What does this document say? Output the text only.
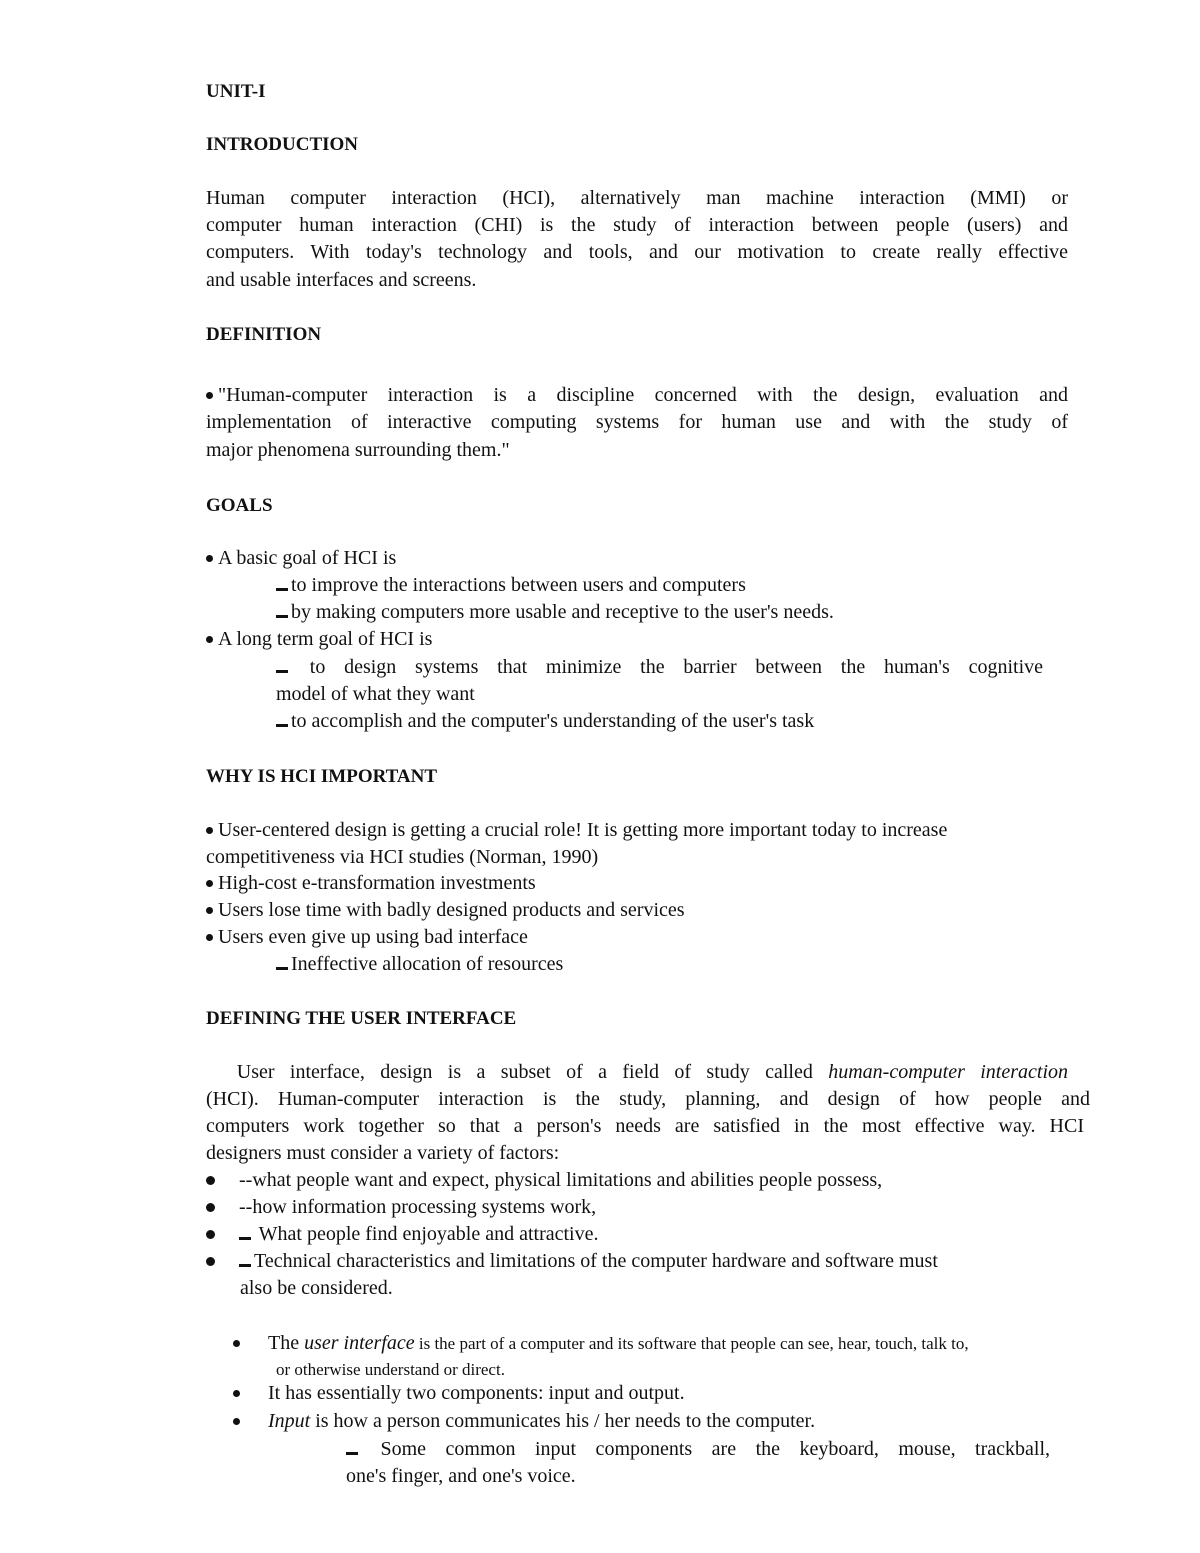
UNIT-I
INTRODUCTION
Human computer interaction (HCI), alternatively man machine interaction (MMI) or
computer human interaction (CHI) is the study of interaction between people (users) and
computers. With today's technology and tools, and our motivation to create really effective
and usable interfaces and screens.
DEFINITION
"Human-computer interaction is a discipline concerned with the design, evaluation and
implementation of interactive computing systems for human use and with the study of
major phenomena surrounding them."
GOALS
A basic goal of HCI is
to improve the interactions between users and computers
by making computers more usable and receptive to the user's needs.
A long term goal of HCI is
to design systems that minimize the barrier between the human's cognitive
model of what they want
to accomplish and the computer's understanding of the user's task
WHY IS HCI IMPORTANT
User-centered design is getting a crucial role! It is getting more important today to increase
competitiveness via HCI studies (Norman, 1990)
High-cost e-transformation investments
Users lose time with badly designed products and services
Users even give up using bad interface
Ineffective allocation of resources
DEFINING THE USER INTERFACE
User interface, design is a subset of a field of study called human-computer interaction
(HCI). Human-computer interaction is the study, planning, and design of how people and
computers work together so that a person's needs are satisfied in the most effective way. HCI
designers must consider a variety of factors:
--what people want and expect, physical limitations and abilities people possess,
--how information processing systems work,
What people find enjoyable and attractive.
Technical characteristics and limitations of the computer hardware and software must
also be considered.
The user interface is the part of a computer and its software that people can see, hear, touch, talk to,
or otherwise understand or direct.
It has essentially two components: input and output.
Input is how a person communicates his / her needs to the computer.
Some common input components are the keyboard, mouse, trackball,
one's finger, and one's voice.
